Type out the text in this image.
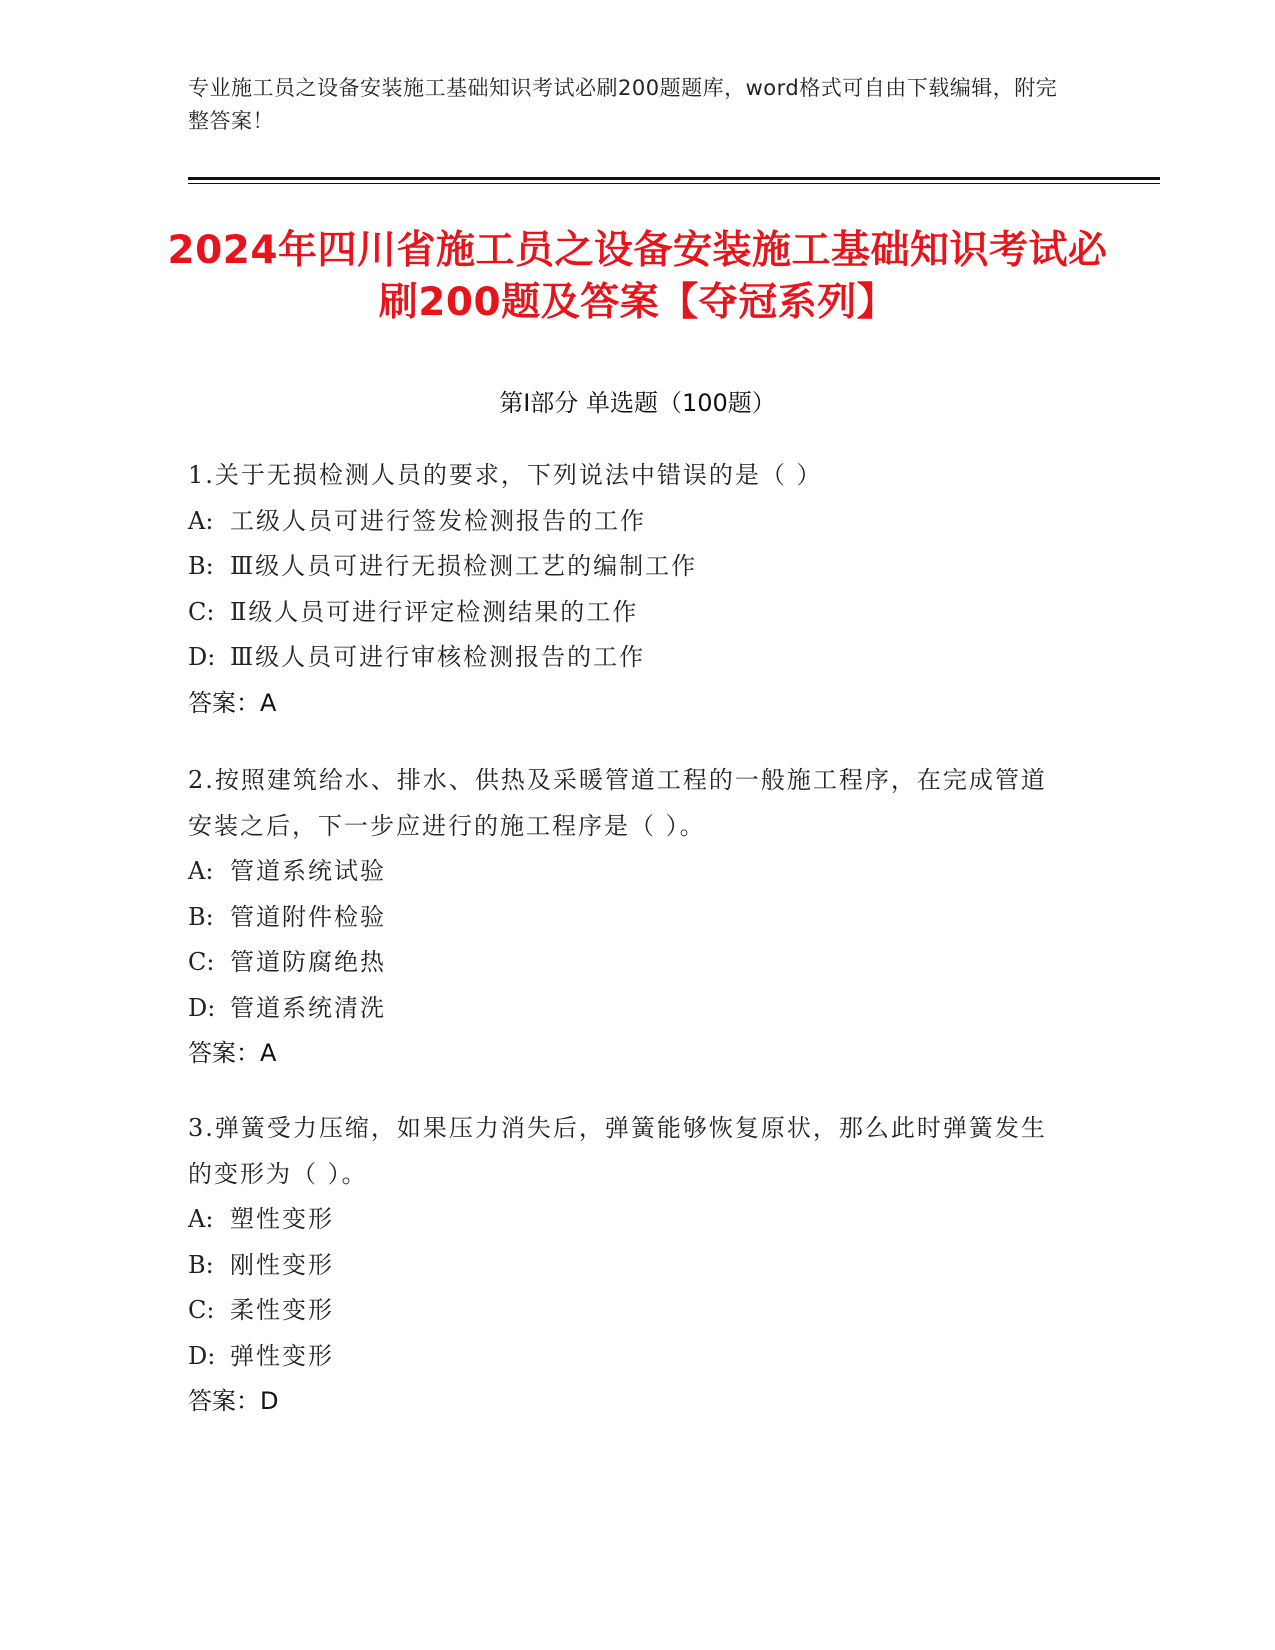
专业施工员之设备安装施工基础知识考试必刷200题题库，word格式可自由下载编辑，附完整答案！
2024年四川省施工员之设备安装施工基础知识考试必刷200题及答案【夺冠系列】
第I部分 单选题（100题）
1.关于无损检测人员的要求，下列说法中错误的是（ ）
A: 工级人员可进行签发检测报告的工作
B: Ⅲ级人员可进行无损检测工艺的编制工作
C: Ⅱ级人员可进行评定检测结果的工作
D: Ⅲ级人员可进行审核检测报告的工作
答案：A
2.按照建筑给水、排水、供热及采暖管道工程的一般施工程序，在完成管道安装之后，下一步应进行的施工程序是（ ）。
A: 管道系统试验
B: 管道附件检验
C: 管道防腐绝热
D: 管道系统清洗
答案：A
3.弹簧受力压缩，如果压力消失后，弹簧能够恢复原状，那么此时弹簧发生的变形为（ ）。
A: 塑性变形
B: 刚性变形
C: 柔性变形
D: 弹性变形
答案：D
